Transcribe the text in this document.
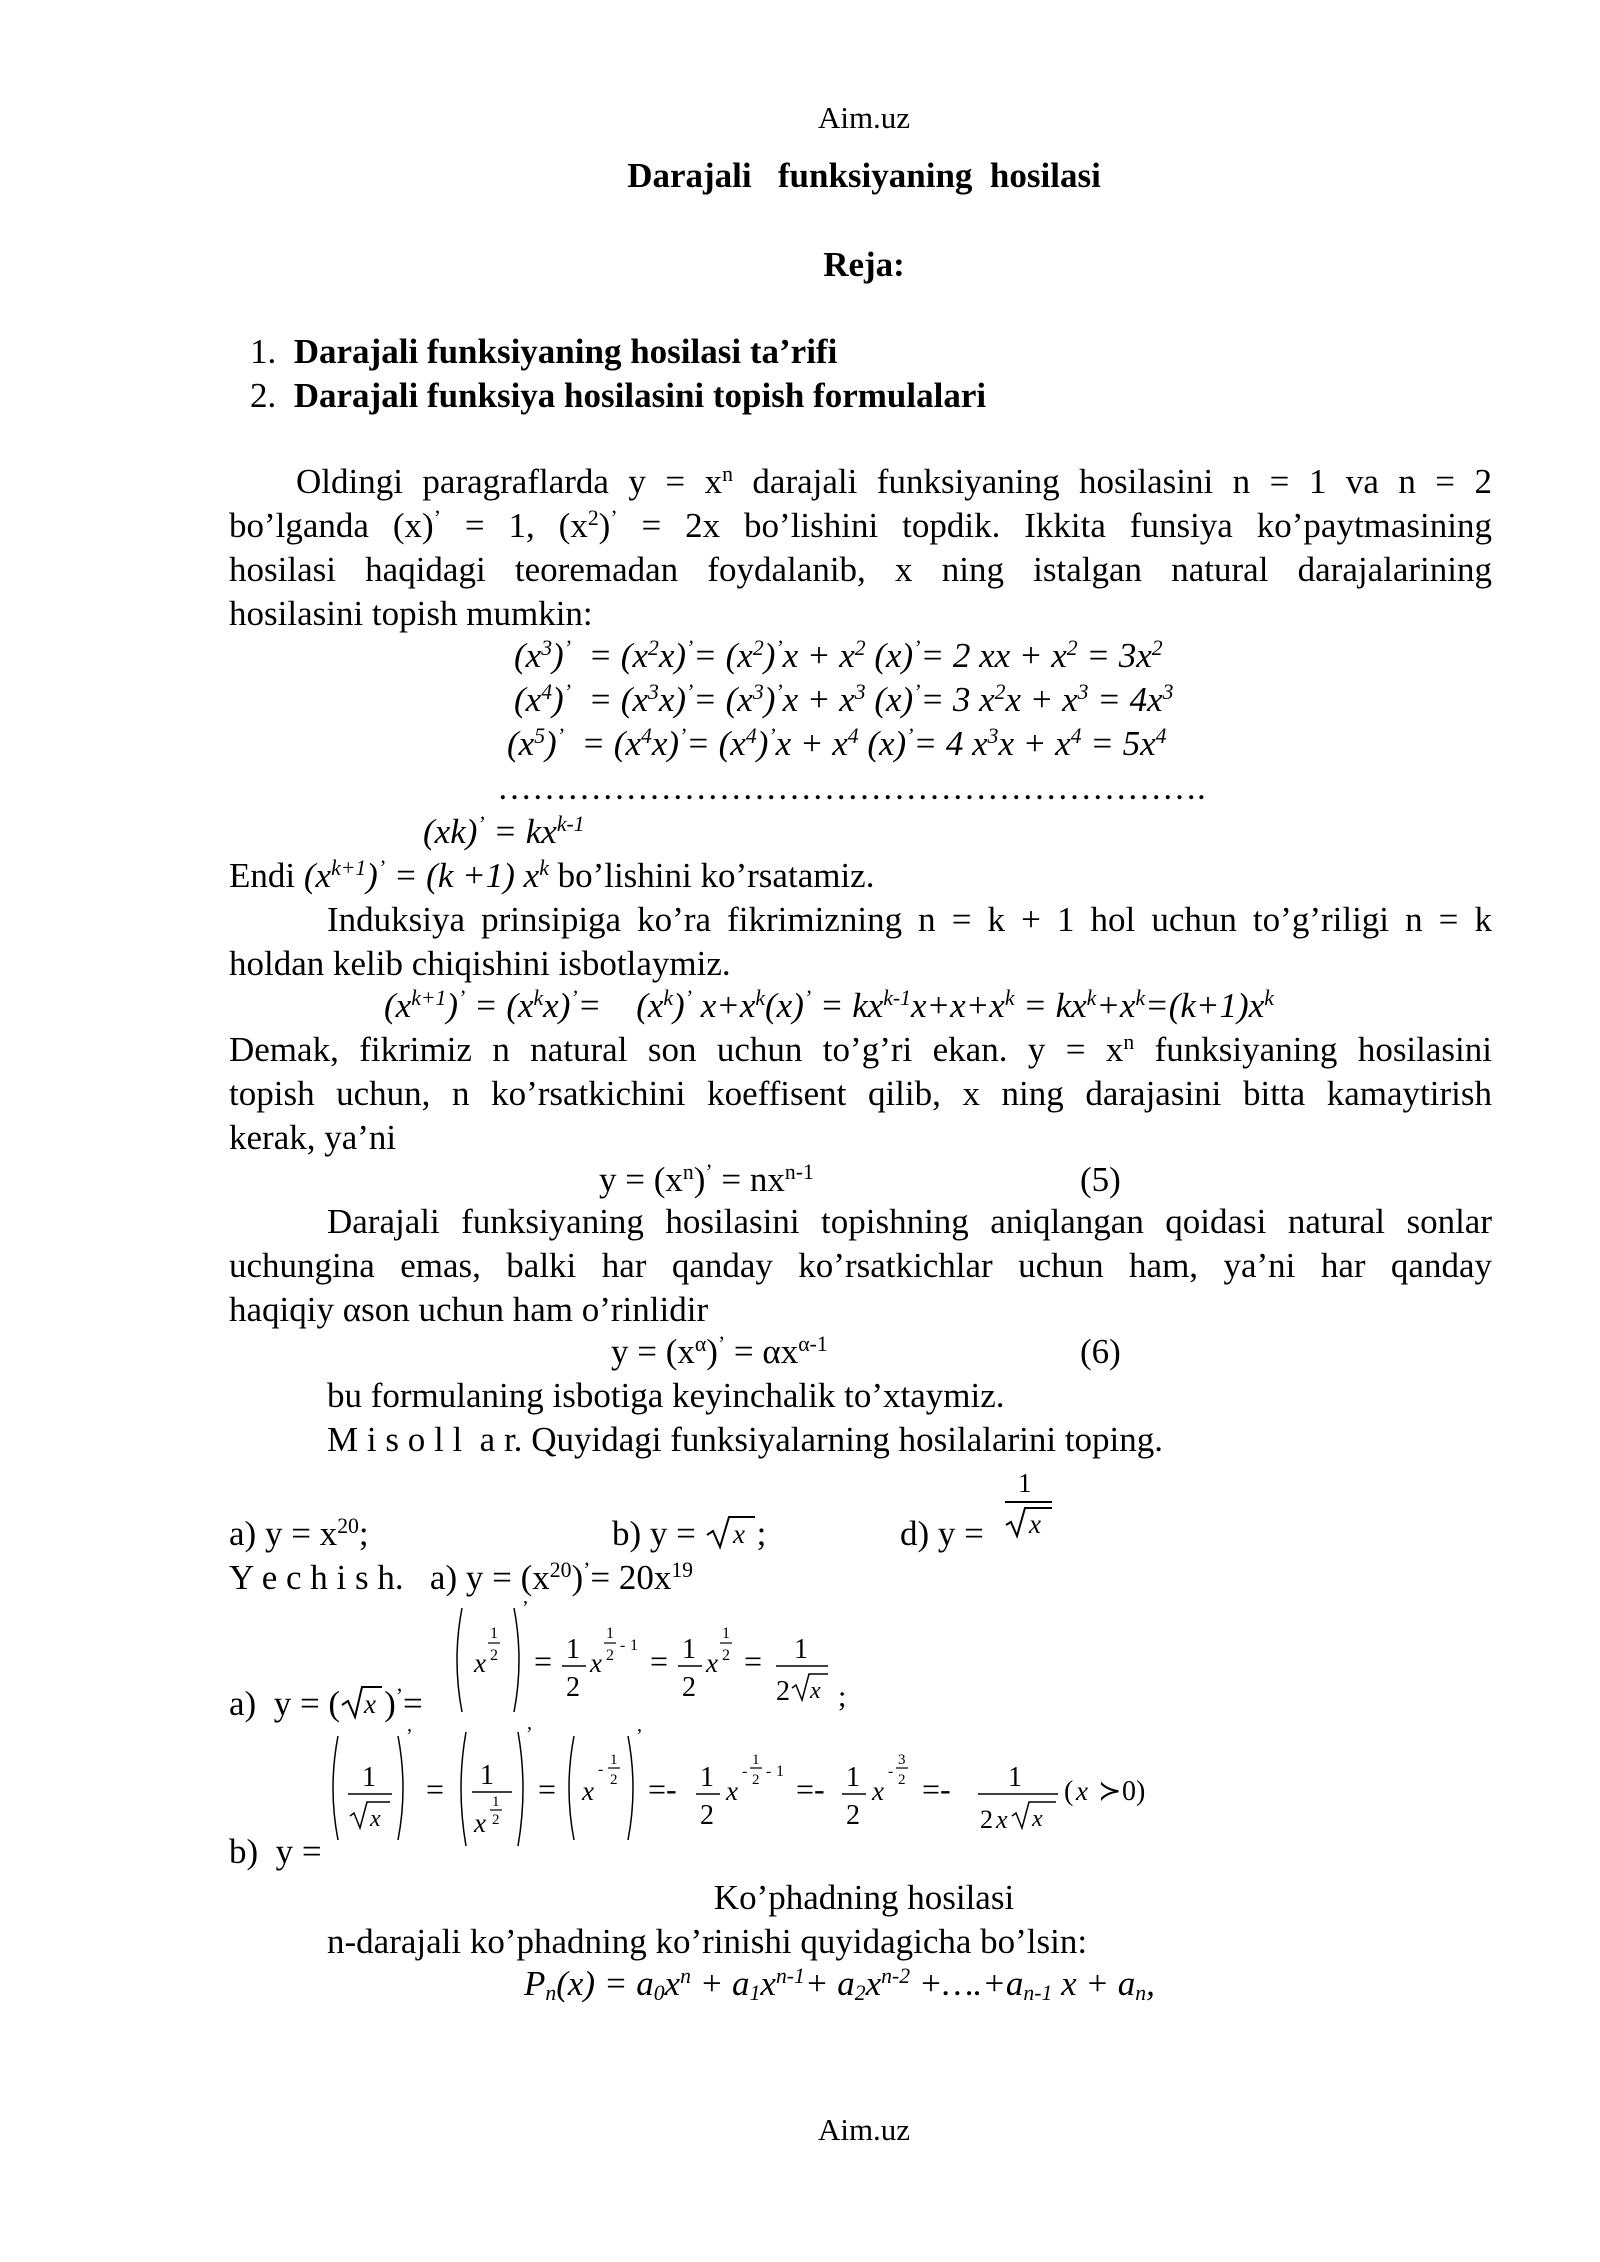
Aim.uz
Darajali   funksiyaning  hosilasi
Reja:
1. Darajali funksiyaning hosilasi ta’rifi
2. Darajali funksiya hosilasini topish formulalari
Oldingi paragraflarda $y = x^n$ darajali funksiyaning hosilasini n = 1 va n = 2
bo’lganda (x)’ = 1, $(x^2)^’ = 2x$ bo’lishini topdik. Ikkita funsiya ko’paytmasining
hosilasi haqidagi teoremadan foydalanib, x ning istalgan natural darajalarining
hosilasini topish mumkin:
$(x^3)^’ = (x^2x)^’= (x^2)^’x + x^2$ (x)’= 2 xx + $x^2 = 3x^2$
$(x^4)^’ = (x^3x)^’= (x^3)^’x + x^3$ (x)’= 3 $x^2x + x^3 = 4x^3$
$(x^5)^’ = (x^4x)^’= (x^4)^’x + x^4$ (x)’= 4 $x^3x + x^4 = 5x^4$
…………………………………………………….
$(xk)^’ = kx^{k-1}$
Endi $(x^{k+1})^’ = (k +1)$ $x^k$ bo’lishini ko’rsatamiz.
Induksiya prinsipiga ko’ra fikrimizning n = k + 1 hol uchun to’g’riligi n = k
holdan kelib chiqishini isbotlaymiz.
$(x^{k+1})^’ = (x^kx)^’=$    $(x^k)^’$ $x+x^k(x)^’ = kx^{k-1}x+x+x^k = kx^k+x^k=(k+1)x^k$
Demak, fikrimiz n natural son uchun to’g’ri ekan. $y = x^n$ funksiyaning hosilasini
topish uchun, n ko’rsatkichini koeffisent qilib, x ning darajasini bitta kamaytirish
kerak, ya’ni
$y = (x^n)^’ = nx^{n-1}$	(5)
Darajali funksiyaning hosilasini topishning aniqlangan qoidasi natural sonlar
uchungina emas, balki har qanday ko’rsatkichlar uchun ham, ya’ni har qanday
haqiqiy αson uchun ham o’rinlidir
$y = (x^\alpha)^’ = \alpha x^{\alpha-1}$	(6)
bu formulaning isbotiga keyinchalik to’xtaymiz.
M i s o l l  a r. Quyidagi funksiyalarning hosilalarini toping.
a) $y = x^{20}$;	b) y = x ;	d) y =
1
x
Y e c h i s h.   a) $y = (x^{20})^’= 20x^{19}$
a)  y = ( x )’=
x
1
2
’
= 1
2
x
1
2
- 1 = 1
2
x
1
2 = 1
2 x ;
b)  y =
1
x
’
= 1
x
1
2
’
= x
-
1
2
’
=- 1
2
x
-
1
2 - 1 =- 1
2
x
-
3
2 =- 1
2 x x
( x ≻ 0)
Ko’phadning hosilasi
n-darajali ko’phadning ko’rinishi quyidagicha bo’lsin:
$P_n(x) = a_0x^n + a_1x^{n-1}+ a_2x^{n-2}$ $+\dots.+a_{n-1}$ $x + a_n$,
Aim.uz
